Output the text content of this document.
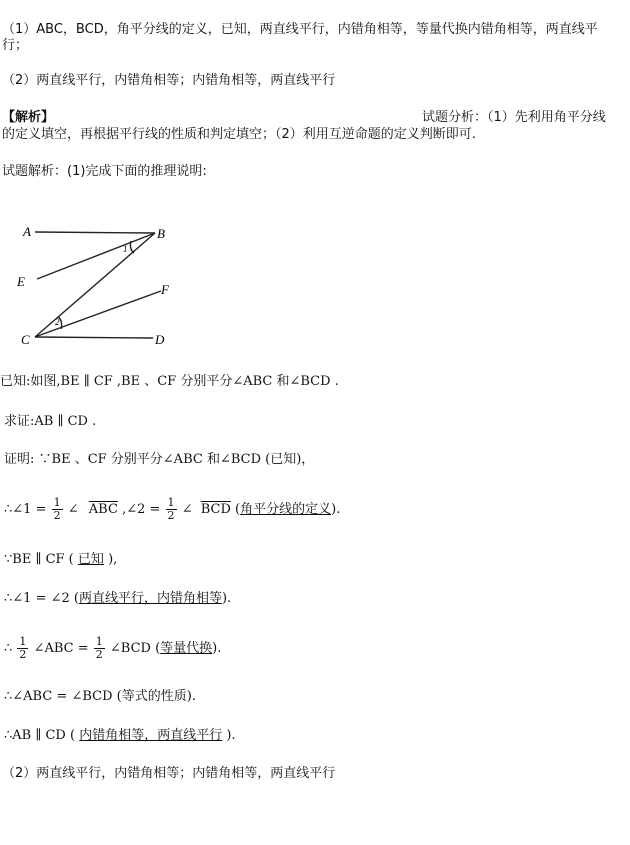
（1）ABC，BCD，角平分线的定义，已知，两直线平行，内错角相等，等量代换内错角相等，两直线平
行；
（2）两直线平行，内错角相等；内错角相等，两直线平行
【解析】	试题分析：（1）先利用角平分线
的定义填空，再根据平行线的性质和判定填空；（2）利用互逆命题的定义判断即可.
试题解析：(1)完成下面的推理说明:
A	B
E
F
C	D
1
2
已知:如图,BE ∥ CF ,BE 、CF 分别平分∠ABC 和∠BCD .
求证:AB ∥ CD .
证明: ∵BE 、CF 分别平分∠ABC 和∠BCD (已知)，
∴∠1 = $\frac{1}{2}$ ∠ $\overline{ABC}$ ,∠2 = $\frac{1}{2}$ ∠ $\overline{BCD}$ (角平分线的定义).
∵BE ∥ CF ( 已知 ),
∴∠1 = ∠2 (两直线平行，内错角相等).
∴ $\frac{1}{2}$ ∠ABC = $\frac{1}{2}$ ∠BCD (等量代换).
∴∠ABC = ∠BCD (等式的性质).
∴AB ∥ CD ( 内错角相等，两直线平行 ).
（2）两直线平行，内错角相等；内错角相等，两直线平行
